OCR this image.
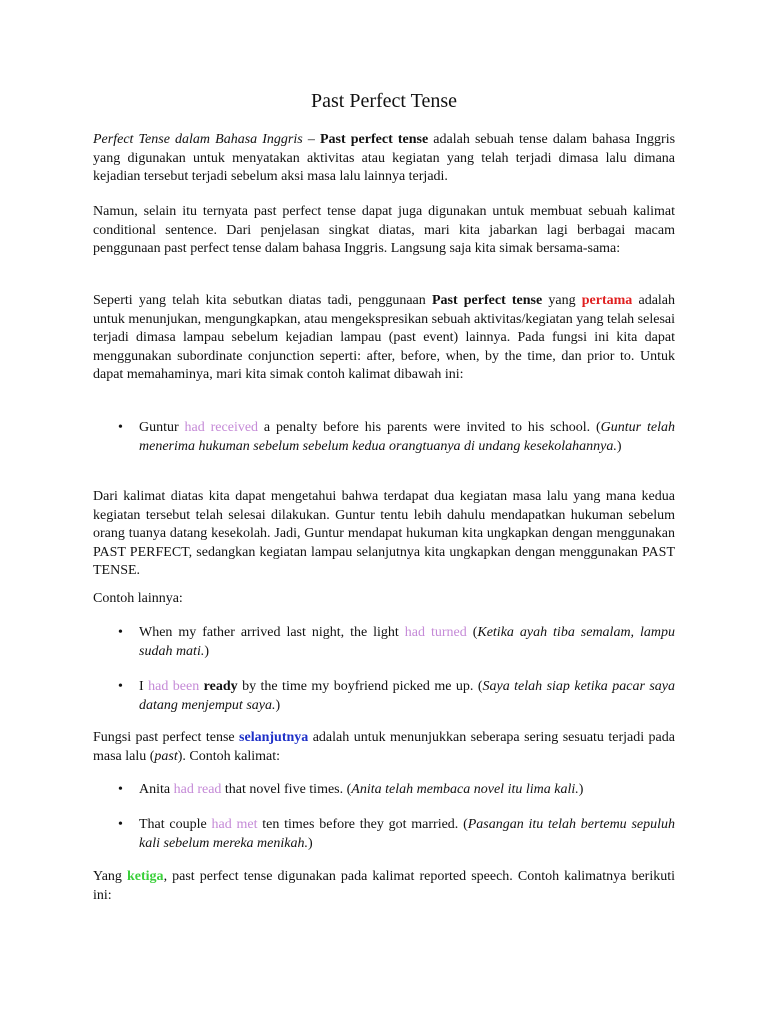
Past Perfect Tense

Perfect Tense dalam Bahasa Inggris – Past perfect tense adalah sebuah tense dalam bahasa Inggris yang digunakan untuk menyatakan aktivitas atau kegiatan yang telah terjadi dimasa lalu dimana kejadian tersebut terjadi sebelum aksi masa lalu lainnya terjadi.

Namun, selain itu ternyata past perfect tense dapat juga digunakan untuk membuat sebuah kalimat conditional sentence. Dari penjelasan singkat diatas, mari kita jabarkan lagi berbagai macam penggunaan past perfect tense dalam bahasa Inggris. Langsung saja kita simak bersama-sama:

Seperti yang telah kita sebutkan diatas tadi, penggunaan Past perfect tense yang pertama adalah untuk menunjukan, mengungkapkan, atau mengekspresikan sebuah aktivitas/kegiatan yang telah selesai terjadi dimasa lampau sebelum kejadian lampau (past event) lainnya. Pada fungsi ini kita dapat menggunakan subordinate conjunction seperti: after, before, when, by the time, dan prior to. Untuk dapat memahaminya, mari kita simak contoh kalimat dibawah ini:

• Guntur had received a penalty before his parents were invited to his school. (Guntur telah menerima hukuman sebelum sebelum kedua orangtuanya di undang kesekolahannya.)

Dari kalimat diatas kita dapat mengetahui bahwa terdapat dua kegiatan masa lalu yang mana kedua kegiatan tersebut telah selesai dilakukan. Guntur tentu lebih dahulu mendapatkan hukuman sebelum orang tuanya datang kesekolah. Jadi, Guntur mendapat hukuman kita ungkapkan dengan menggunakan PAST PERFECT, sedangkan kegiatan lampau selanjutnya kita ungkapkan dengan menggunakan PAST TENSE.

Contoh lainnya:

• When my father arrived last night, the light had turned (Ketika ayah tiba semalam, lampu sudah mati.)
• I had been ready by the time my boyfriend picked me up. (Saya telah siap ketika pacar saya datang menjemput saya.)

Fungsi past perfect tense selanjutnya adalah untuk menunjukkan seberapa sering sesuatu terjadi pada masa lalu (past). Contoh kalimat:

• Anita had read that novel five times. (Anita telah membaca novel itu lima kali.)
• That couple had met ten times before they got married. (Pasangan itu telah bertemu sepuluh kali sebelum mereka menikah.)

Yang ketiga, past perfect tense digunakan pada kalimat reported speech. Contoh kalimatnya berikuti ini:
